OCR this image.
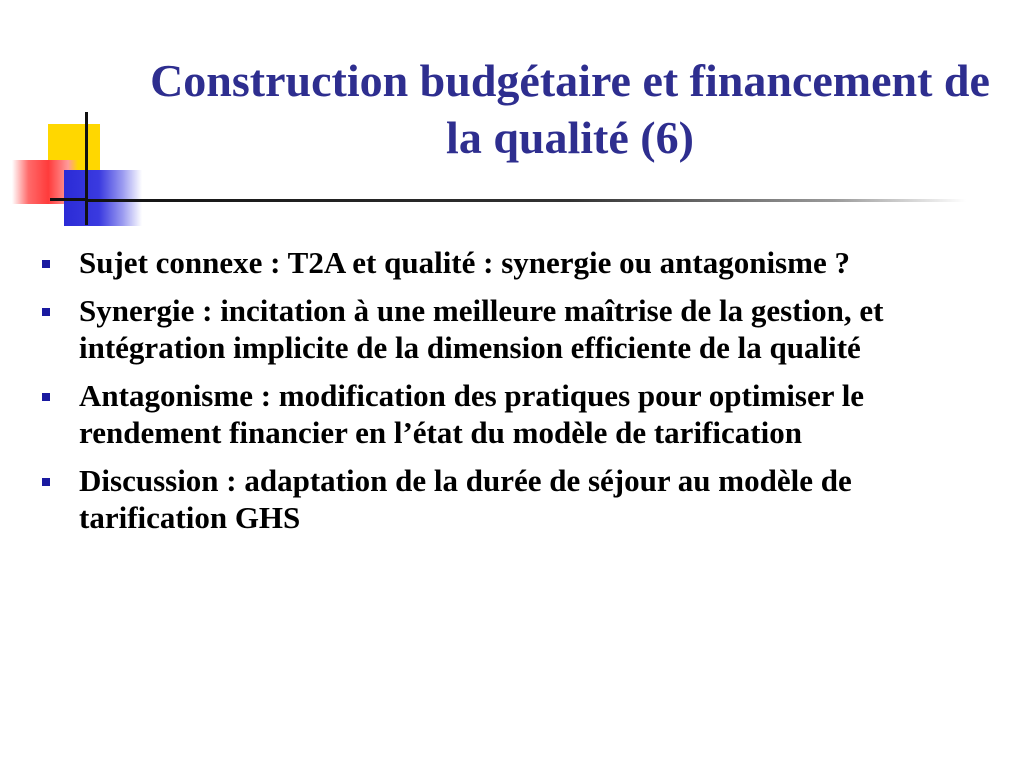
Construction budgétaire et financement de la qualité (6)
Sujet connexe : T2A et qualité : synergie ou antagonisme ?
Synergie : incitation à une meilleure maîtrise de la gestion, et intégration implicite de la dimension efficiente de la qualité
Antagonisme : modification des pratiques pour optimiser le rendement financier en l’état du modèle de tarification
Discussion : adaptation de la durée de séjour au modèle de tarification GHS
